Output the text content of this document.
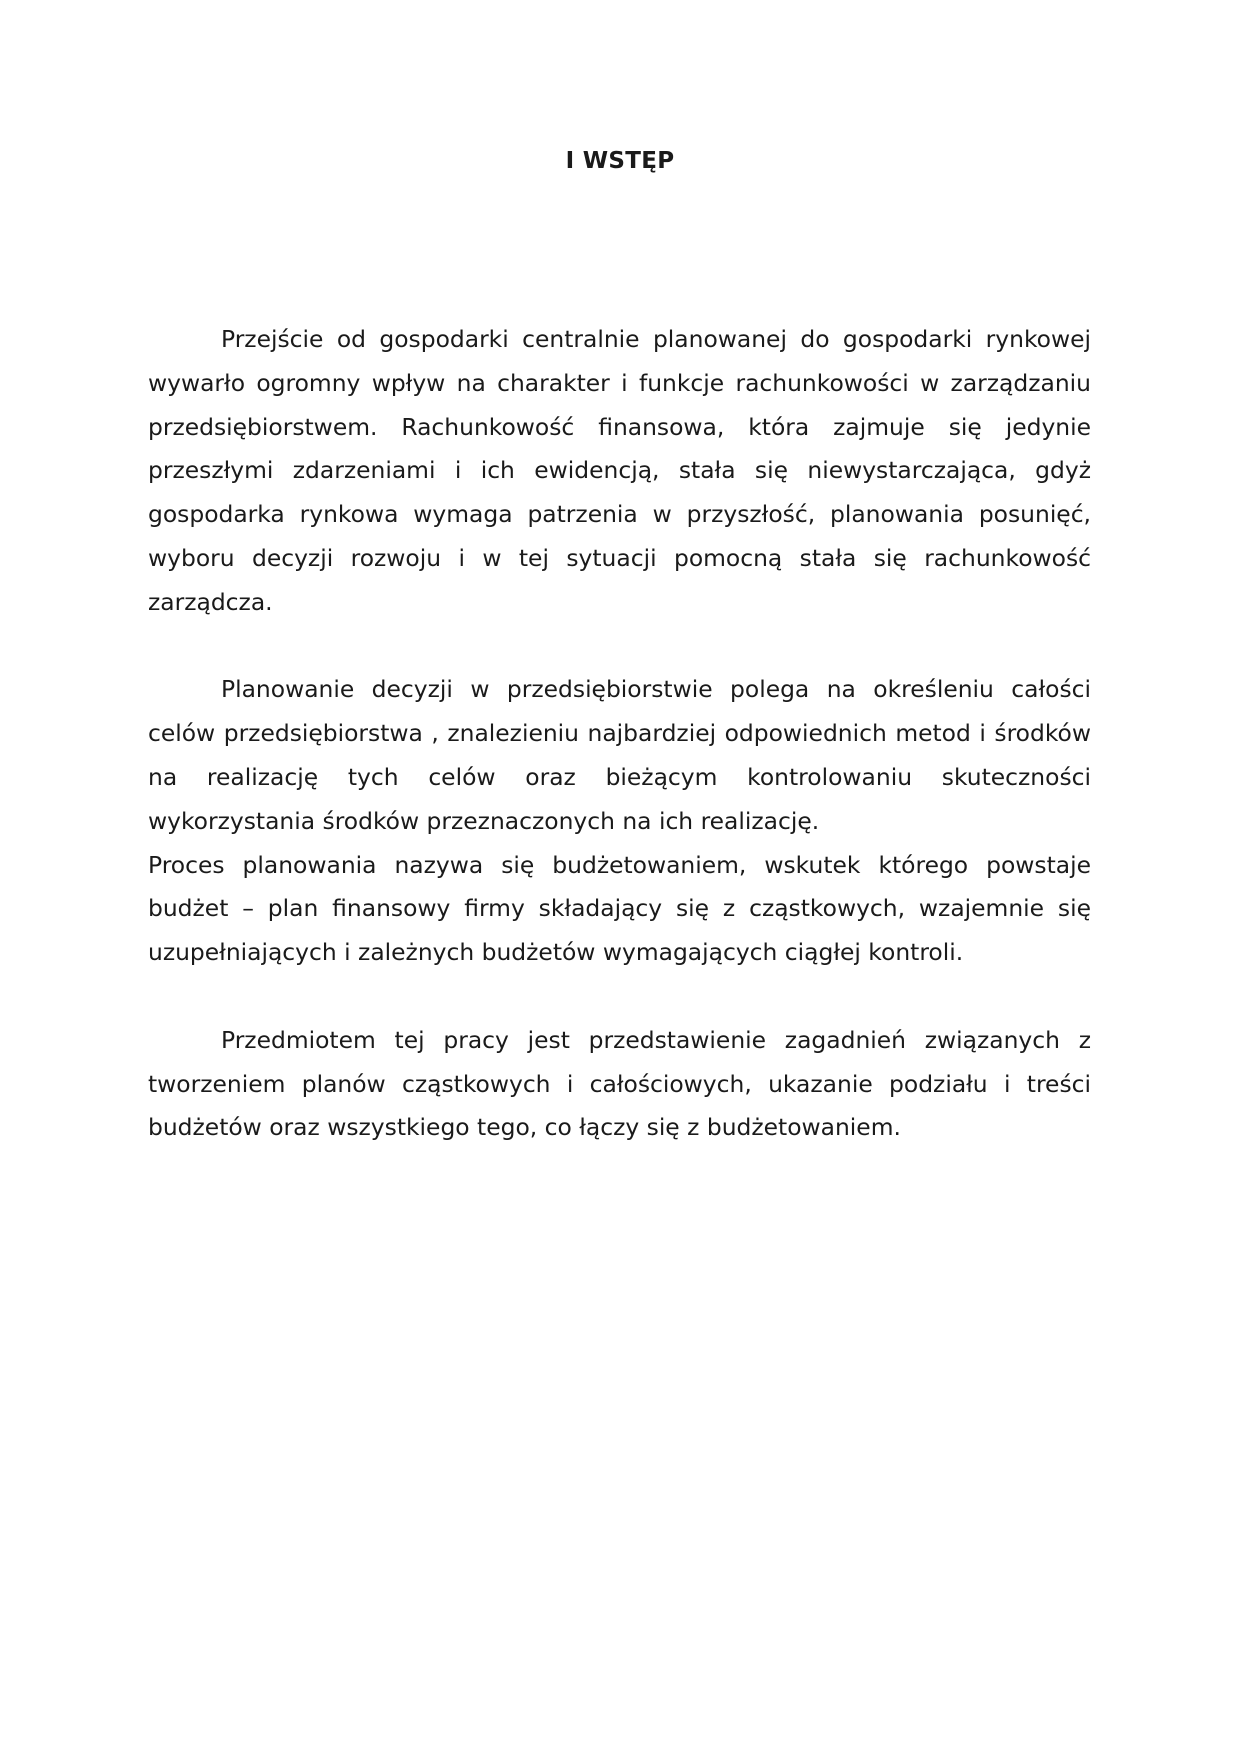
I WSTĘP

Przejście od gospodarki centralnie planowanej do gospodarki rynkowej wywarło ogromny wpływ na charakter i funkcje rachunkowości w zarządzaniu przedsiębiorstwem. Rachunkowość finansowa, która zajmuje się jedynie przeszłymi zdarzeniami i ich ewidencją, stała się niewystarczająca, gdyż gospodarka rynkowa wymaga patrzenia w przyszłość, planowania posunięć, wyboru decyzji rozwoju i w tej sytuacji pomocną stała się rachunkowość zarządcza.

Planowanie decyzji w przedsiębiorstwie polega na określeniu całości celów przedsiębiorstwa , znalezieniu najbardziej odpowiednich metod i środków na realizację tych celów oraz bieżącym kontrolowaniu skuteczności wykorzystania środków przeznaczonych na ich realizację.

Proces planowania nazywa się budżetowaniem, wskutek którego powstaje budżet – plan finansowy firmy składający się z cząstkowych, wzajemnie się uzupełniających i zależnych budżetów wymagających ciągłej kontroli.

Przedmiotem tej pracy jest przedstawienie zagadnień związanych z tworzeniem planów cząstkowych i całościowych, ukazanie podziału i treści budżetów oraz wszystkiego tego, co łączy się z budżetowaniem.
